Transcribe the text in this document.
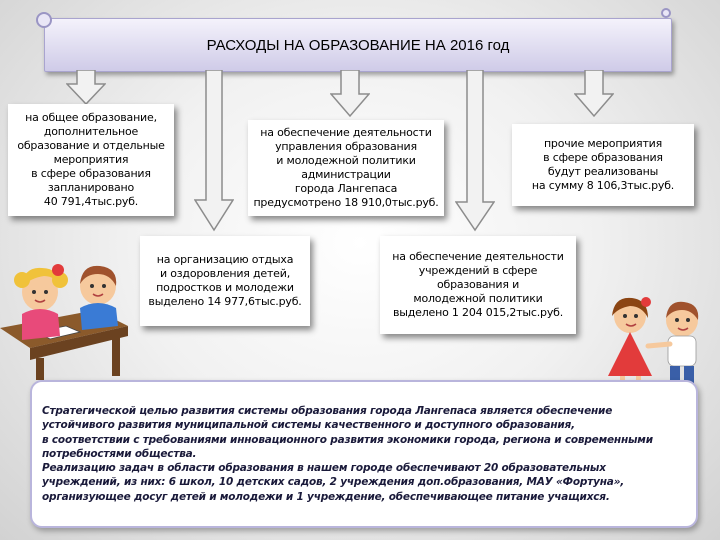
РАСХОДЫ НА ОБРАЗОВАНИЕ НА 2016 год
на общее образование,
дополнительное
образование и отдельные
мероприятия
в сфере образования
запланировано
40 791,4тыс.руб.
на обеспечение деятельности
управления образования
и молодежной политики
администрации
города Лангепаса
предусмотрено 18 910,0тыс.руб.
прочие мероприятия
в сфере образования
будут реализованы
на сумму 8 106,3тыс.руб.
на организацию отдыха
и оздоровления детей,
подростков и молодежи
выделено 14 977,6тыс.руб.
на обеспечение деятельности
учреждений в сфере
образования и
молодежной политики
выделено 1 204 015,2тыс.руб.

Стратегической целью развития системы образования города Лангепаса является обеспечение
устойчивого развития муниципальной системы качественного и доступного образования,
в соответствии с требованиями инновационного развития экономики города, региона и современными
потребностями общества.

Реализацию задач в области образования в нашем городе обеспечивают 20 образовательных
учреждений, из них: 6 школ, 10 детских садов, 2 учреждения доп.образования, МАУ «Фортуна»,
организующее досуг детей и молодежи и 1 учреждение, обеспечивающее питание учащихся.
